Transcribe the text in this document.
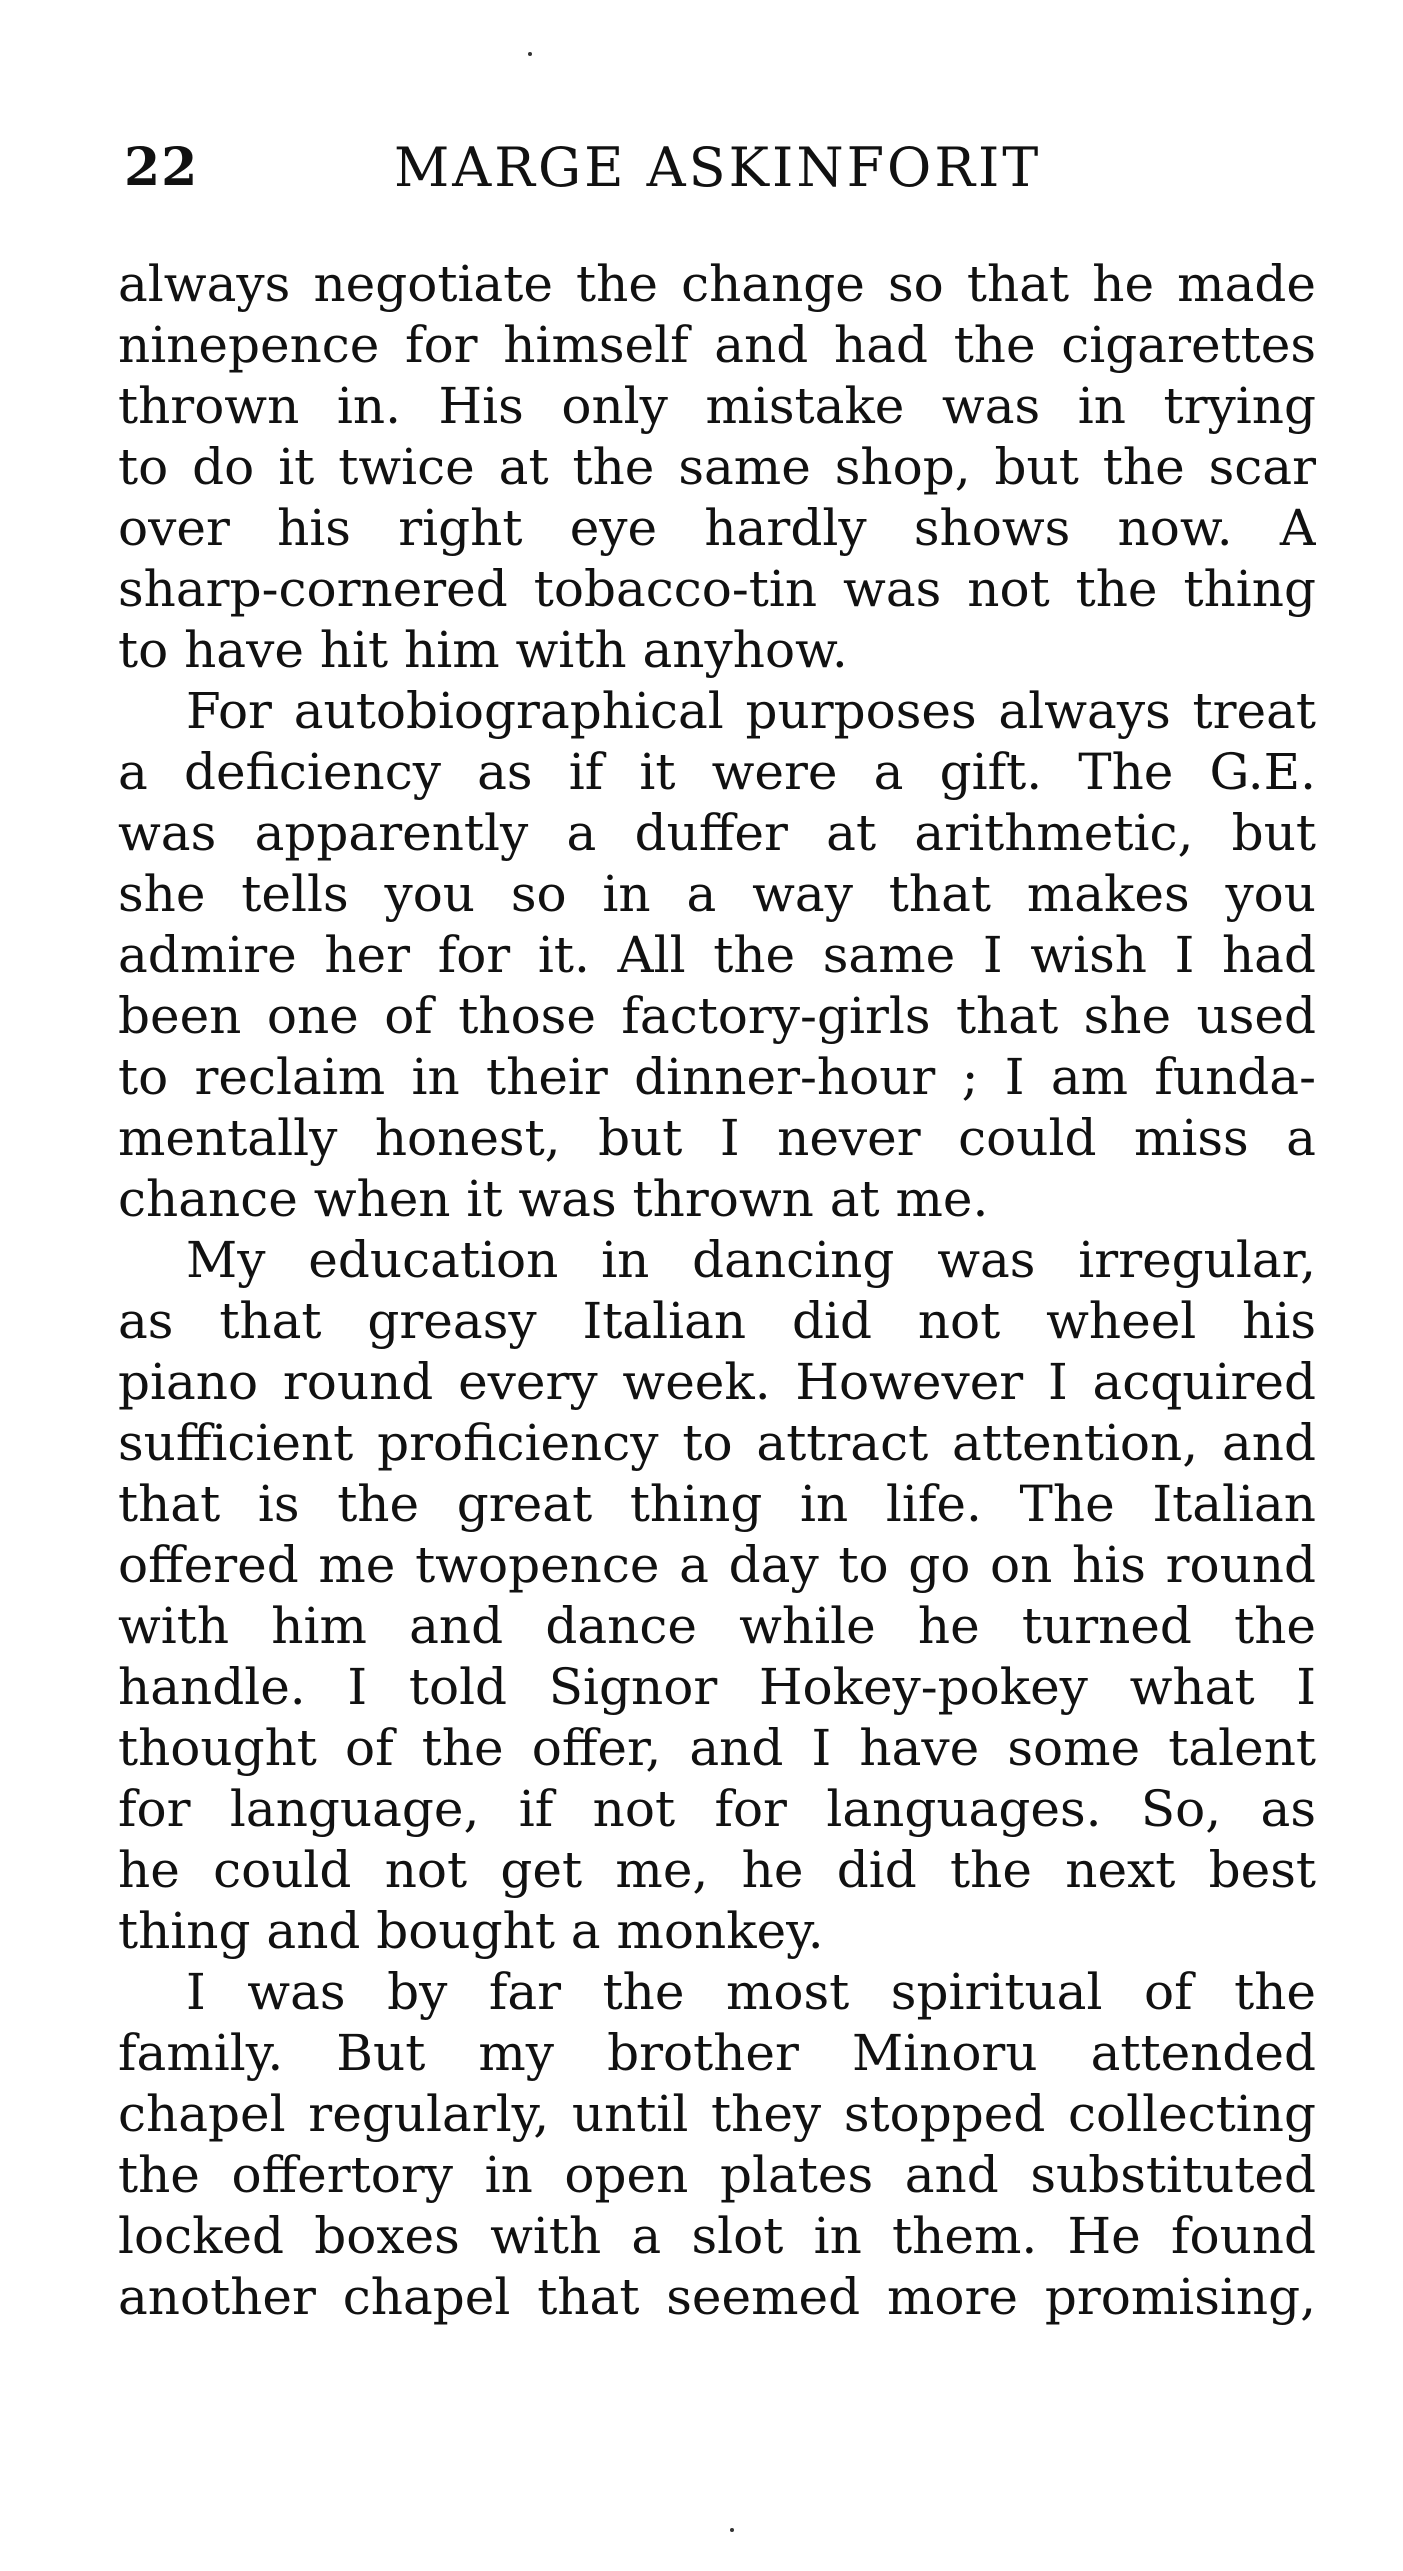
22	MARGE ASKINFORIT
always negotiate the change so that he made
ninepence for himself and had the cigarettes
thrown in. His only mistake was in trying
to do it twice at the same shop, but the scar
over his right eye hardly shows now. A
sharp-cornered tobacco-tin was not the thing
to have hit him with anyhow.
For autobiographical purposes always treat
a deficiency as if it were a gift. The G.E.
was apparently a duffer at arithmetic, but
she tells you so in a way that makes you
admire her for it. All the same I wish I had
been one of those factory-girls that she used
to reclaim in their dinner-hour ; I am funda-
mentally honest, but I never could miss a
chance when it was thrown at me.
My education in dancing was irregular,
as that greasy Italian did not wheel his
piano round every week. However I acquired
sufficient proficiency to attract attention, and
that is the great thing in life. The Italian
offered me twopence a day to go on his round
with him and dance while he turned the
handle. I told Signor Hokey-pokey what I
thought of the offer, and I have some talent
for language, if not for languages. So, as
he could not get me, he did the next best
thing and bought a monkey.
I was by far the most spiritual of the
family. But my brother Minoru attended
chapel regularly, until they stopped collecting
the offertory in open plates and substituted
locked boxes with a slot in them. He found
another chapel that seemed more promising,
